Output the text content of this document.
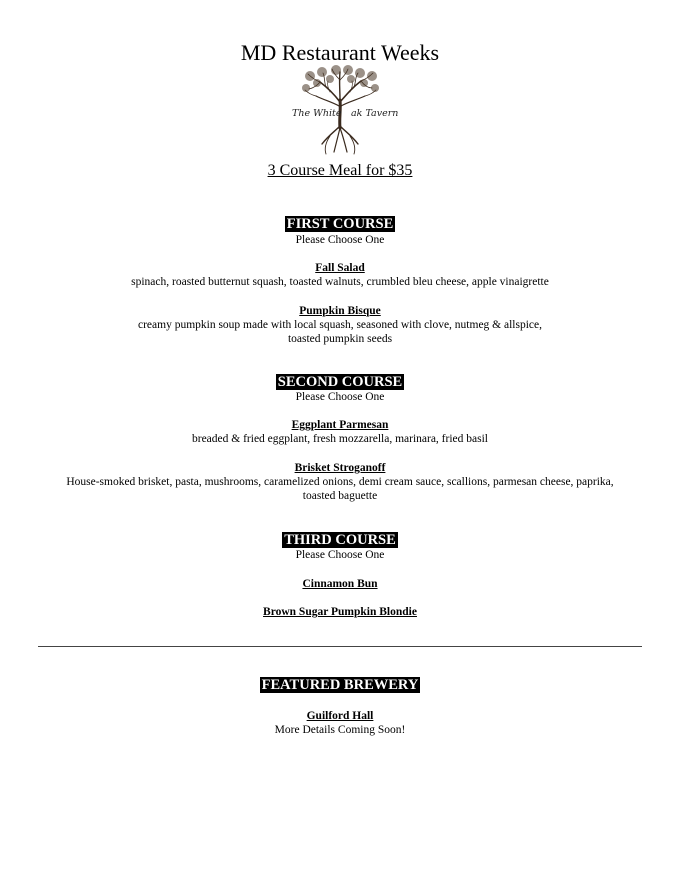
MD Restaurant Weeks
The White ak Tavern
3 Course Meal for $35
FIRST COURSE
Please Choose One
Fall Salad
spinach, roasted butternut squash, toasted walnuts, crumbled bleu cheese, apple vinaigrette
Pumpkin Bisque
creamy pumpkin soup made with local squash, seasoned with clove, nutmeg & allspice,
toasted pumpkin seeds
SECOND COURSE
Please Choose One
Eggplant Parmesan
breaded & fried eggplant, fresh mozzarella, marinara, fried basil
Brisket Stroganoff
House-smoked brisket, pasta, mushrooms, caramelized onions, demi cream sauce, scallions, parmesan cheese, paprika,
toasted baguette
THIRD COURSE
Please Choose One
Cinnamon Bun
Brown Sugar Pumpkin Blondie
FEATURED BREWERY
Guilford Hall
More Details Coming Soon!
